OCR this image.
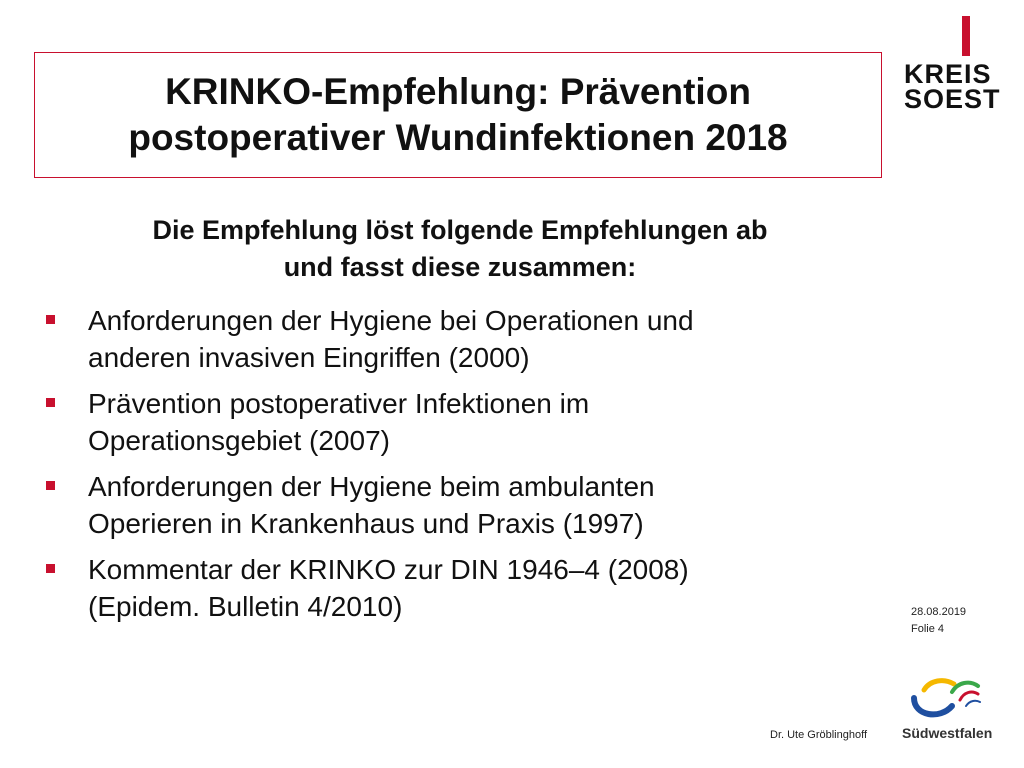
KRINKO-Empfehlung: Prävention
postoperativer Wundinfektionen 2018
KREIS
SOEST
Die Empfehlung löst folgende Empfehlungen ab
und fasst diese zusammen:
Anforderungen der Hygiene bei Operationen und
anderen invasiven Eingriffen (2000)
Prävention postoperativer Infektionen im
Operationsgebiet (2007)
Anforderungen der Hygiene beim ambulanten
Operieren in Krankenhaus und Praxis (1997)
Kommentar der KRINKO zur DIN 1946–4 (2008)
(Epidem. Bulletin 4/2010)	28.08.2019
Folie 4
Dr. Ute Gröblinghoff Südwestfalen
